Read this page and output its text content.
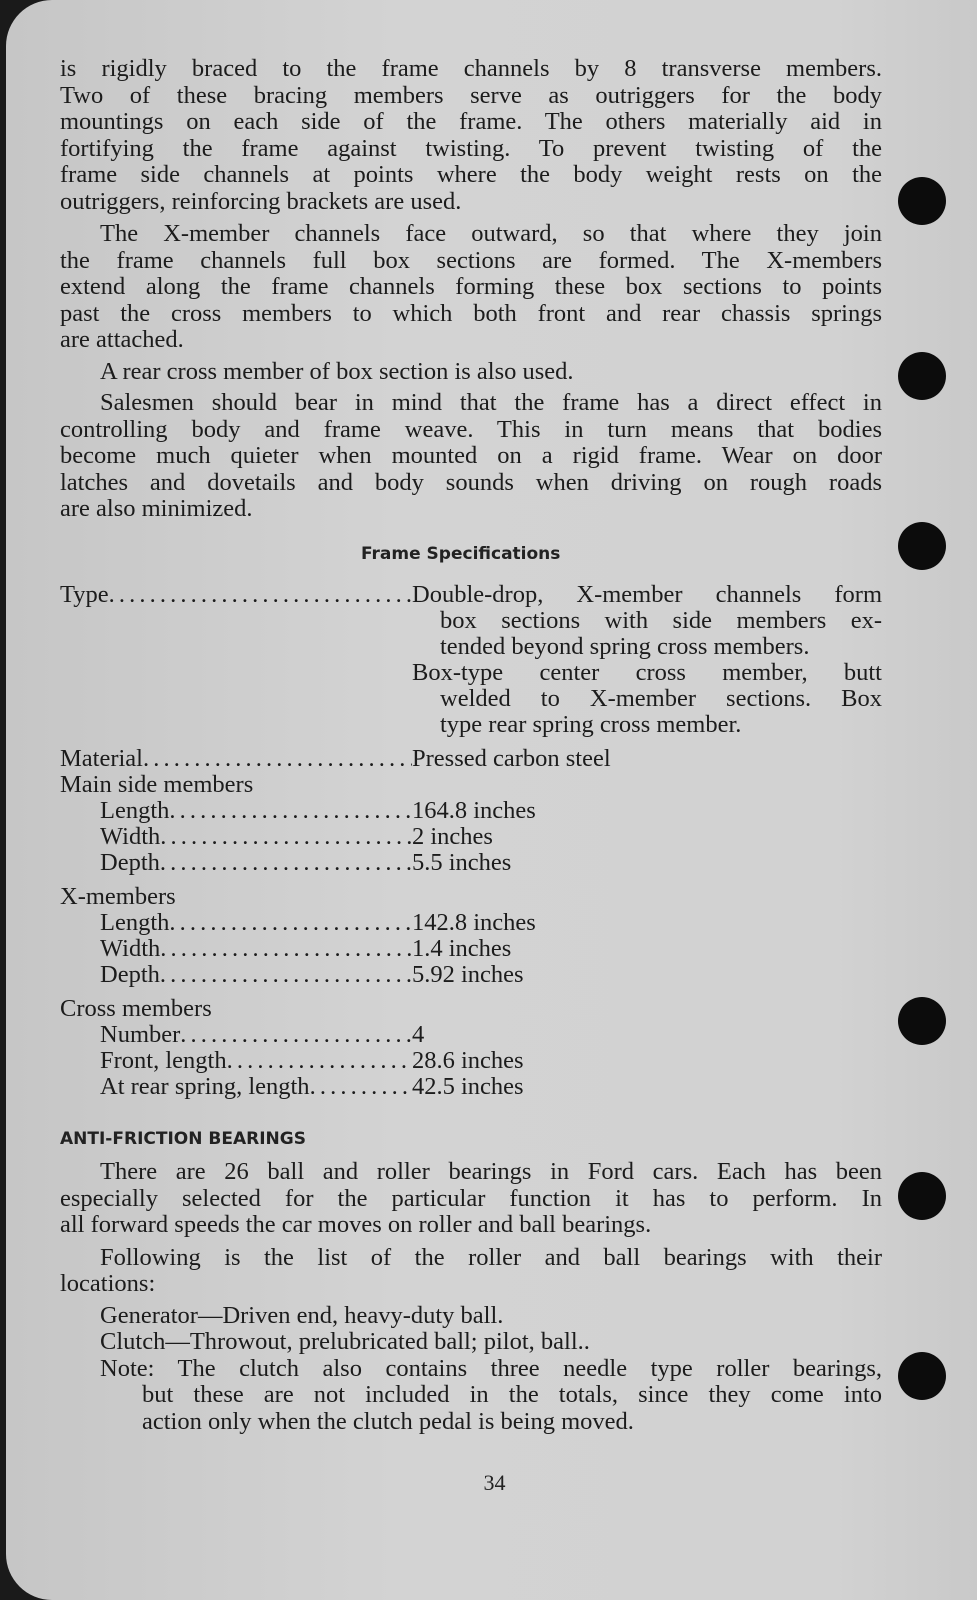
is rigidly braced to the frame channels by 8 transverse members.
Two of these bracing members serve as outriggers for the body
mountings on each side of the frame. The others materially aid in
fortifying the frame against twisting. To prevent twisting of the
frame side channels at points where the body weight rests on the
outriggers, reinforcing brackets are used.
The X-member channels face outward, so that where they join
the frame channels full box sections are formed. The X-members
extend along the frame channels forming these box sections to points
past the cross members to which both front and rear chassis springs
are attached.
A rear cross member of box section is also used.
Salesmen should bear in mind that the frame has a direct effect in
controlling body and frame weave. This in turn means that bodies
become much quieter when mounted on a rigid frame. Wear on door
latches and dovetails and body sounds when driving on rough roads
are also minimized.
Frame Specifications
Type . . .	Double-drop, X-member channels form
box sections with side members ex-
tended beyond spring cross members.
Box-type center cross member, butt
welded to X-member sections. Box
type rear spring cross member.
Material . . .	Pressed carbon steel
Main side members
Length . . .	164.8 inches
Width . . .	2 inches
Depth . . .	5.5 inches
X-members
Length . . .	142.8 inches
Width . . .	1.4 inches
Depth . . .	5.92 inches
Cross members
Number . . .	4
Front, length . . .	28.6 inches
At rear spring, length . . .	42.5 inches
ANTI-FRICTION BEARINGS
There are 26 ball and roller bearings in Ford cars. Each has been
especially selected for the particular function it has to perform. In
all forward speeds the car moves on roller and ball bearings.
Following is the list of the roller and ball bearings with their
locations:
Generator—Driven end, heavy-duty ball.
Clutch—Throwout, prelubricated ball; pilot, ball..
Note: The clutch also contains three needle type roller bearings,
but these are not included in the totals, since they come into
action only when the clutch pedal is being moved.
34
